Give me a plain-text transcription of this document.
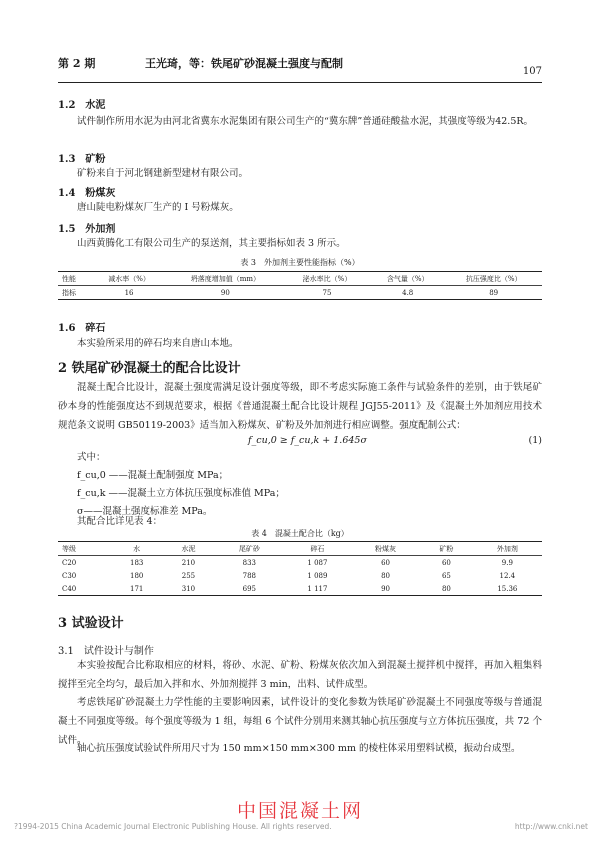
第 2 期	王光琦，等：铁尾矿砂混凝土强度与配制
107
1.2　水泥
试件制作所用水泥为由河北省冀东水泥集团有限公司生产的“冀东牌”普通硅酸盐水泥，其强度等级为42.5R。
1.3　矿粉
矿粉来自于河北钢建新型建材有限公司。
1.4　粉煤灰
唐山陡电粉煤灰厂生产的 I 号粉煤灰。
1.5　外加剂
山西黄腾化工有限公司生产的泵送剂，其主要指标如表 3 所示。
表 3　外加剂主要性能指标（%）
性能	减水率（%）	坍落度增加值（mm）	泌水率比（%）	含气量（%）	抗压强度比（%）
指标	16	90	75	4.8	89
1.6　碎石
本实验所采用的碎石均来自唐山本地。
2 铁尾矿砂混凝土的配合比设计
混凝土配合比设计，混凝土强度需满足设计强度等级，即不考虑实际施工条件与试验条件的差别，由于铁尾矿砂本身的性能强度达不到规范要求，根据《普通混凝土配合比设计规程 JGJ55-2011》及《混凝土外加剂应用技术规范条文说明 GB50119-2003》适当加入粉煤灰、矿粉及外加剂进行相应调整。强度配制公式：
f_cu,0 ≥ f_cu,k + 1.645σ	(1)
式中：
f_cu,0 ——混凝土配制强度 MPa；
f_cu,k ——混凝土立方体抗压强度标准值 MPa；
σ——混凝土强度标准差 MPa。
其配合比详见表 4：
表 4　混凝土配合比（kg）
等级	水	水泥	尾矿砂	碎石	粉煤灰	矿粉	外加剂
C20	183	210	833	1 087	60	60	9.9
C30	180	255	788	1 089	80	65	12.4
C40	171	310	695	1 117	90	80	15.36
3 试验设计
3.1　试件设计与制作
本实验按配合比称取相应的材料，将砂、水泥、矿粉、粉煤灰依次加入到混凝土搅拌机中搅拌，再加入粗集料搅拌至完全均匀，最后加入拌和水、外加剂搅拌 3 min，出料、试件成型。
考虑铁尾矿砂混凝土力学性能的主要影响因素，试件设计的变化参数为铁尾矿砂混凝土不同强度等级与普通混凝土不同强度等级。每个强度等级为 1 组，每组 6 个试件分别用来测其轴心抗压强度与立方体抗压强度，共 72 个试件。
轴心抗压强度试验试件所用尺寸为 150 mm×150 mm×300 mm 的棱柱体采用塑料试模，振动台成型。
中国混凝土网
?1994-2015 China Academic Journal Electronic Publishing House. All rights reserved.	http://www.cnki.net
